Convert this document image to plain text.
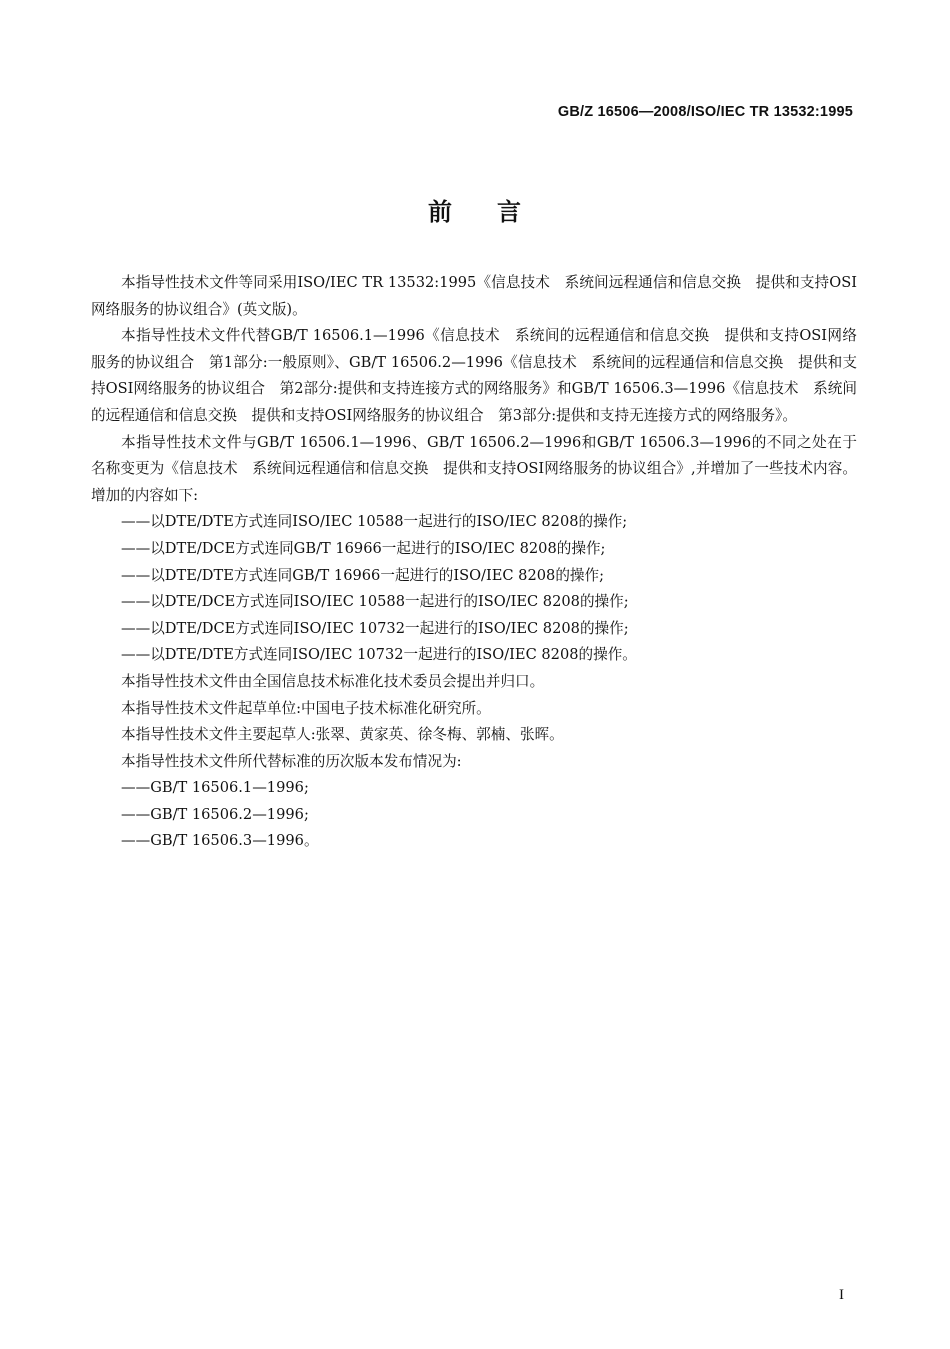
GB/Z 16506—2008/ISO/IEC TR 13532:1995
前 言

本指导性技术文件等同采用ISO/IEC TR 13532:1995《信息技术　系统间远程通信和信息交换　提供和支持OSI网络服务的协议组合》(英文版)。

本指导性技术文件代替GB/T 16506.1—1996《信息技术　系统间的远程通信和信息交换　提供和支持OSI网络服务的协议组合　第1部分:一般原则》、GB/T 16506.2—1996《信息技术　系统间的远程通信和信息交换　提供和支持OSI网络服务的协议组合　第2部分:提供和支持连接方式的网络服务》和GB/T 16506.3—1996《信息技术　系统间的远程通信和信息交换　提供和支持OSI网络服务的协议组合　第3部分:提供和支持无连接方式的网络服务》。

本指导性技术文件与GB/T 16506.1—1996、GB/T 16506.2—1996和GB/T 16506.3—1996的不同之处在于名称变更为《信息技术　系统间远程通信和信息交换　提供和支持OSI网络服务的协议组合》,并增加了一些技术内容。增加的内容如下:

——以DTE/DTE方式连同ISO/IEC 10588一起进行的ISO/IEC 8208的操作;
——以DTE/DCE方式连同GB/T 16966一起进行的ISO/IEC 8208的操作;
——以DTE/DTE方式连同GB/T 16966一起进行的ISO/IEC 8208的操作;
——以DTE/DCE方式连同ISO/IEC 10588一起进行的ISO/IEC 8208的操作;
——以DTE/DCE方式连同ISO/IEC 10732一起进行的ISO/IEC 8208的操作;
——以DTE/DTE方式连同ISO/IEC 10732一起进行的ISO/IEC 8208的操作。

本指导性技术文件由全国信息技术标准化技术委员会提出并归口。

本指导性技术文件起草单位:中国电子技术标准化研究所。

本指导性技术文件主要起草人:张翠、黄家英、徐冬梅、郭楠、张晖。

本指导性技术文件所代替标准的历次版本发布情况为:

——GB/T 16506.1—1996;
——GB/T 16506.2—1996;
——GB/T 16506.3—1996。
I
